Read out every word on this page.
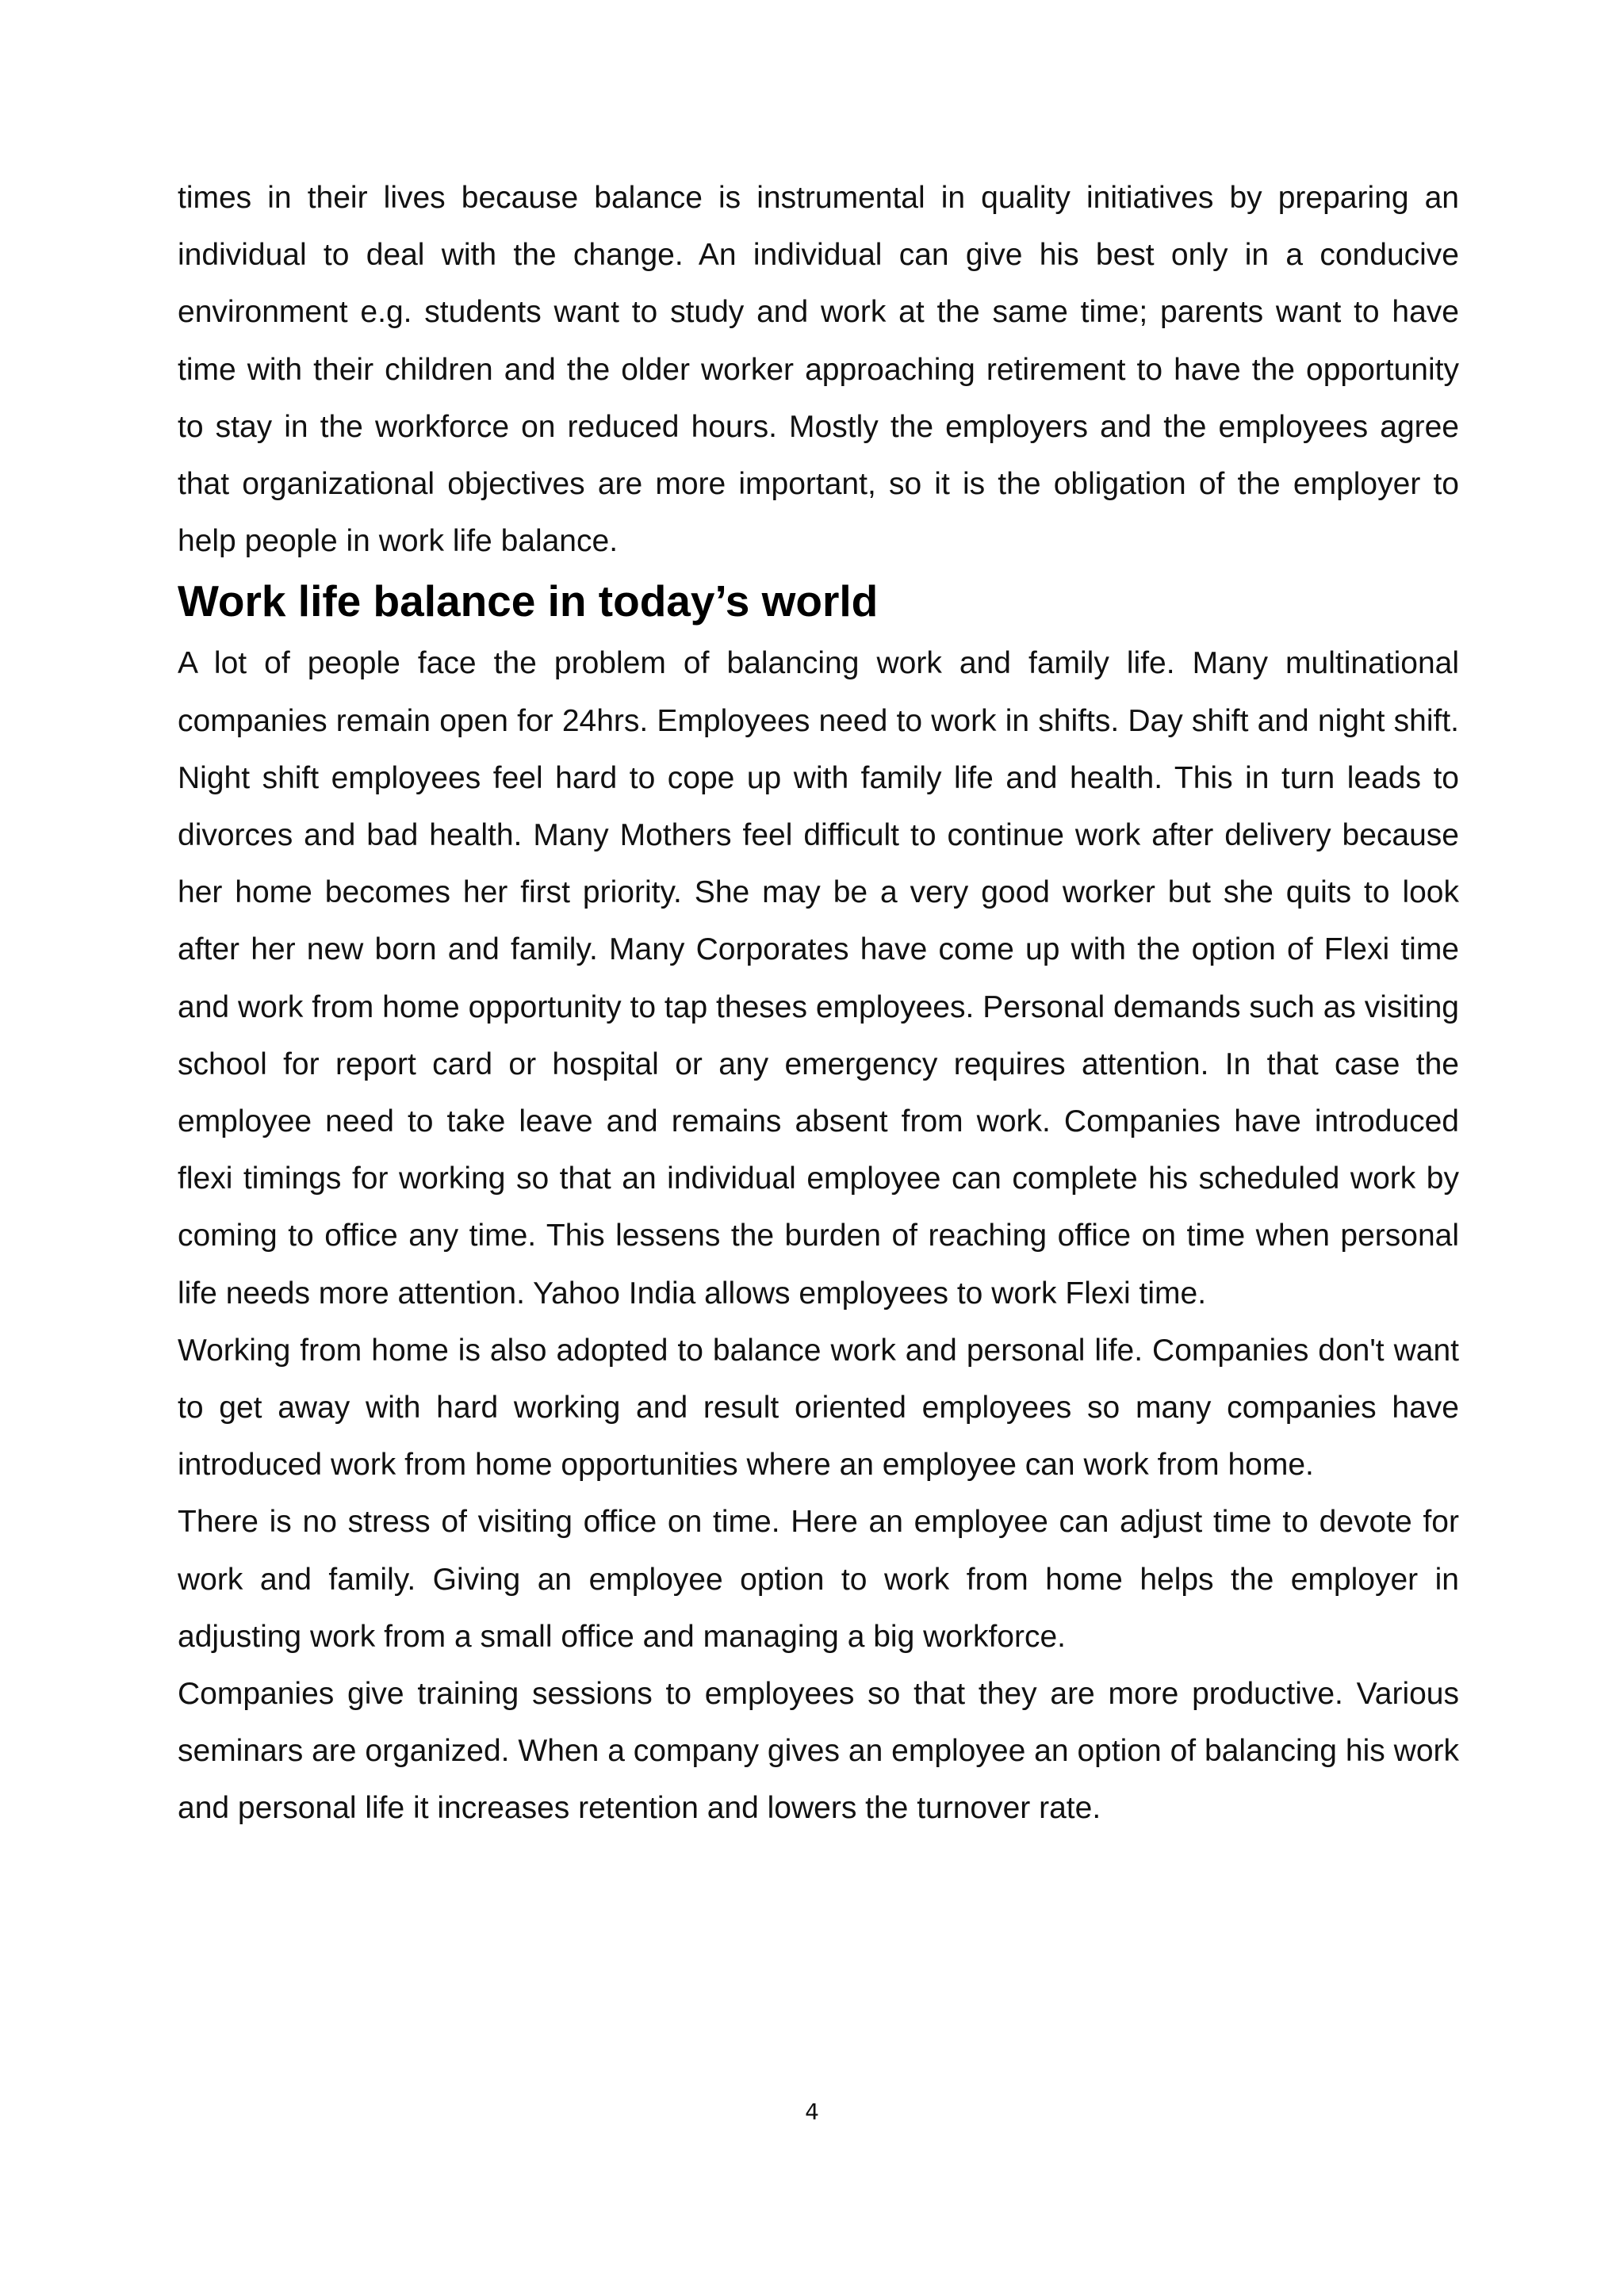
times in their lives because balance is instrumental in quality initiatives by preparing an individual to deal with the change. An individual can give his best only in a conducive environment e.g. students want to study and work at the same time; parents want to have time with their children and the older worker approaching retirement to have the opportunity to stay in the workforce on reduced hours. Mostly the employers and the employees agree that organizational objectives are more important, so it is the obligation of the employer to help people in work life balance.

Work life balance in today’s world

A lot of people face the problem of balancing work and family life. Many multinational companies remain open for 24hrs. Employees need to work in shifts. Day shift and night shift. Night shift employees feel hard to cope up with family life and health. This in turn leads to divorces and bad health. Many Mothers feel difficult to continue work after delivery because her home becomes her first priority. She may be a very good worker but she quits to look after her new born and family. Many Corporates have come up with the option of Flexi time and work from home opportunity to tap theses employees. Personal demands such as visiting school for report card or hospital or any emergency requires attention. In that case the employee need to take leave and remains absent from work. Companies have introduced flexi timings for working so that an individual employee can complete his scheduled work by coming to office any time. This lessens the burden of reaching office on time when personal life needs more attention. Yahoo India allows employees to work Flexi time.

Working from home is also adopted to balance work and personal life. Companies don't want to get away with hard working and result oriented employees so many companies have introduced work from home opportunities where an employee can work from home.

There is no stress of visiting office on time. Here an employee can adjust time to devote for work and family. Giving an employee option to work from home helps the employer in adjusting work from a small office and managing a big workforce.

Companies give training sessions to employees so that they are more productive. Various seminars are organized. When a company gives an employee an option of balancing his work and personal life it increases retention and lowers the turnover rate.

4
